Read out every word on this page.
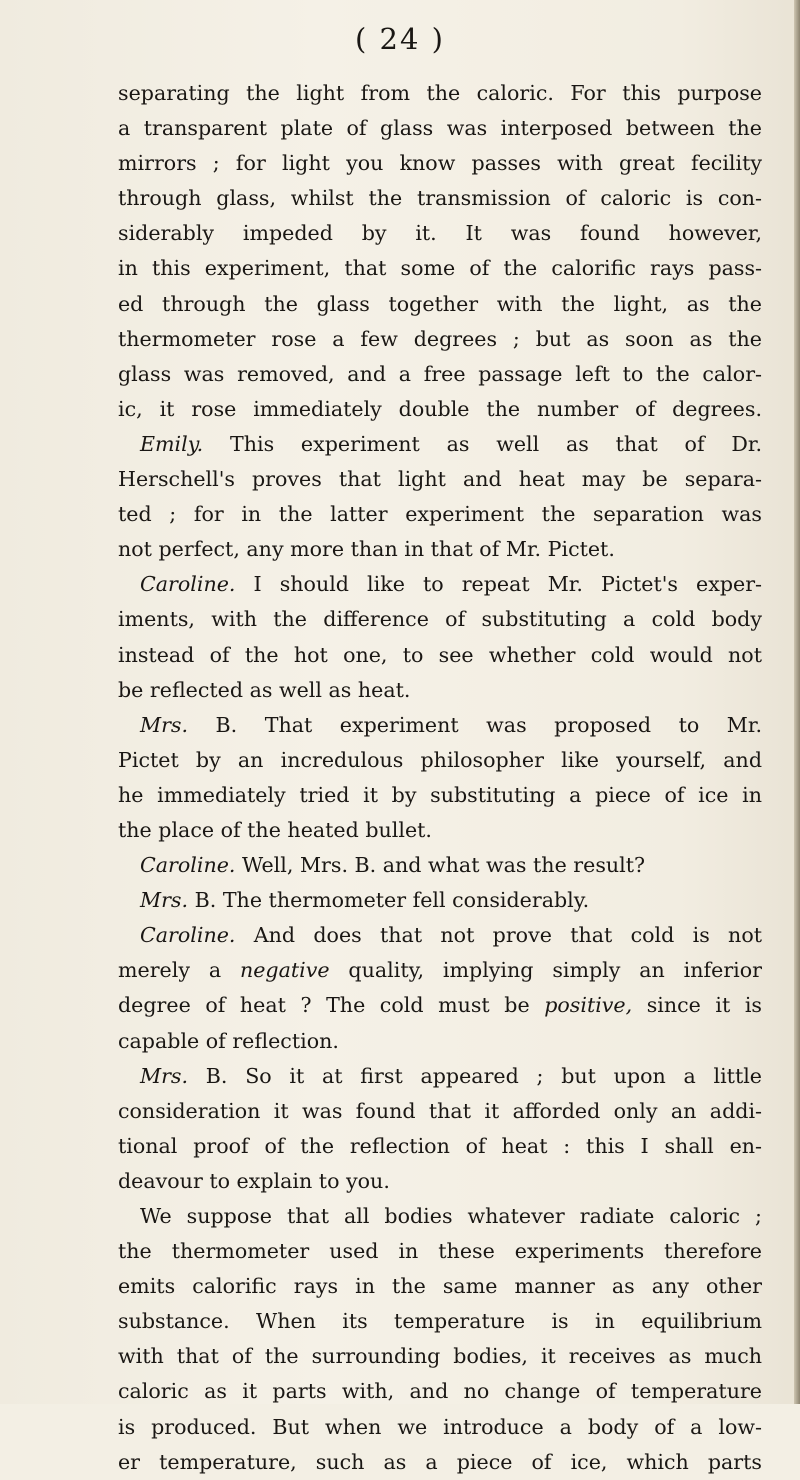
( 24 )
separating the light from the caloric. For this purpose
a transparent plate of glass was interposed between the
mirrors ; for light you know passes with great fecility
through glass, whilst the transmission of caloric is con-
siderably impeded by it. It was found however,
in this experiment, that some of the calorific rays pass-
ed through the glass together with the light, as the
thermometer rose a few degrees ; but as soon as the
glass was removed, and a free passage left to the calor-
ic, it rose immediately double the number of degrees.
Emily. This experiment as well as that of Dr.
Herschell's proves that light and heat may be separa-
ted ; for in the latter experiment the separation was
not perfect, any more than in that of Mr. Pictet.
Caroline. I should like to repeat Mr. Pictet's exper-
iments, with the difference of substituting a cold body
instead of the hot one, to see whether cold would not
be reflected as well as heat.
Mrs. B. That experiment was proposed to Mr.
Pictet by an incredulous philosopher like yourself, and
he immediately tried it by substituting a piece of ice in
the place of the heated bullet.
Caroline. Well, Mrs. B. and what was the result?
Mrs. B. The thermometer fell considerably.
Caroline. And does that not prove that cold is not
merely a negative quality, implying simply an inferior
degree of heat ? The cold must be positive, since it is
capable of reflection.
Mrs. B. So it at first appeared ; but upon a little
consideration it was found that it afforded only an addi-
tional proof of the reflection of heat : this I shall en-
deavour to explain to you.
We suppose that all bodies whatever radiate caloric ;
the thermometer used in these experiments therefore
emits calorific rays in the same manner as any other
substance. When its temperature is in equilibrium
with that of the surrounding bodies, it receives as much
caloric as it parts with, and no change of temperature
is produced. But when we introduce a body of a low-
er temperature, such as a piece of ice, which parts
